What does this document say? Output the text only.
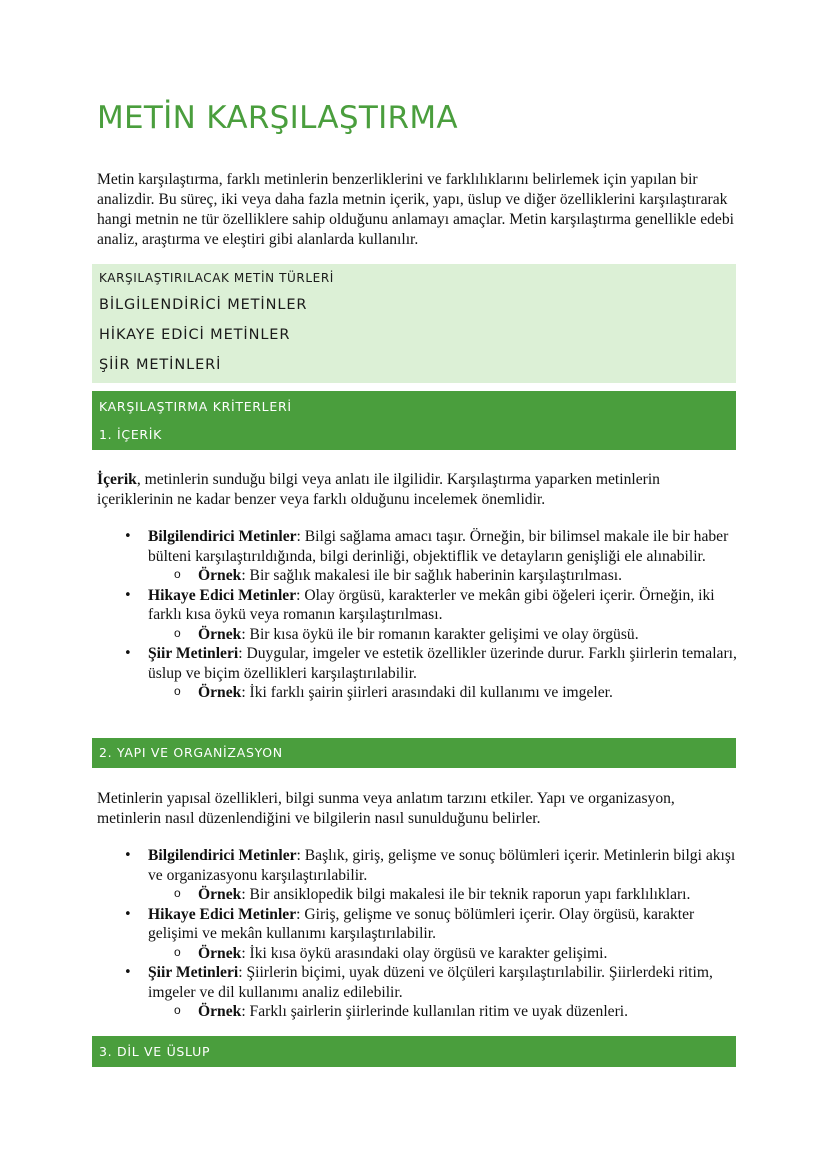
METİN KARŞILAŞTIRMA

Metin karşılaştırma, farklı metinlerin benzerliklerini ve farklılıklarını belirlemek için yapılan bir analizdir. Bu süreç, iki veya daha fazla metnin içerik, yapı, üslup ve diğer özelliklerini karşılaştırarak hangi metnin ne tür özelliklere sahip olduğunu anlamayı amaçlar. Metin karşılaştırma genellikle edebi analiz, araştırma ve eleştiri gibi alanlarda kullanılır.

KARŞILAŞTIRILACAK METİN TÜRLERİ
BİLGİLENDİRİCİ METİNLER
HİKAYE EDİCİ METİNLER
ŞİİR METİNLERİ
KARŞILAŞTIRMA KRİTERLERİ
1. İÇERİK

İçerik, metinlerin sunduğu bilgi veya anlatı ile ilgilidir. Karşılaştırma yaparken metinlerin içeriklerinin ne kadar benzer veya farklı olduğunu incelemek önemlidir.

• Bilgilendirici Metinler: Bilgi sağlama amacı taşır. Örneğin, bir bilimsel makale ile bir haber bülteni karşılaştırıldığında, bilgi derinliği, objektiflik ve detayların genişliği ele alınabilir.
o Örnek: Bir sağlık makalesi ile bir sağlık haberinin karşılaştırılması.
• Hikaye Edici Metinler: Olay örgüsü, karakterler ve mekân gibi öğeleri içerir. Örneğin, iki farklı kısa öykü veya romanın karşılaştırılması.
o Örnek: Bir kısa öykü ile bir romanın karakter gelişimi ve olay örgüsü.
• Şiir Metinleri: Duygular, imgeler ve estetik özellikler üzerinde durur. Farklı şiirlerin temaları, üslup ve biçim özellikleri karşılaştırılabilir.
o Örnek: İki farklı şairin şiirleri arasındaki dil kullanımı ve imgeler.
2. YAPI VE ORGANİZASYON

Metinlerin yapısal özellikleri, bilgi sunma veya anlatım tarzını etkiler. Yapı ve organizasyon, metinlerin nasıl düzenlendiğini ve bilgilerin nasıl sunulduğunu belirler.

• Bilgilendirici Metinler: Başlık, giriş, gelişme ve sonuç bölümleri içerir. Metinlerin bilgi akışı ve organizasyonu karşılaştırılabilir.
o Örnek: Bir ansiklopedik bilgi makalesi ile bir teknik raporun yapı farklılıkları.
• Hikaye Edici Metinler: Giriş, gelişme ve sonuç bölümleri içerir. Olay örgüsü, karakter gelişimi ve mekân kullanımı karşılaştırılabilir.
o Örnek: İki kısa öykü arasındaki olay örgüsü ve karakter gelişimi.
• Şiir Metinleri: Şiirlerin biçimi, uyak düzeni ve ölçüleri karşılaştırılabilir. Şiirlerdeki ritim, imgeler ve dil kullanımı analiz edilebilir.
o Örnek: Farklı şairlerin şiirlerinde kullanılan ritim ve uyak düzenleri.
3. DİL VE ÜSLUP
